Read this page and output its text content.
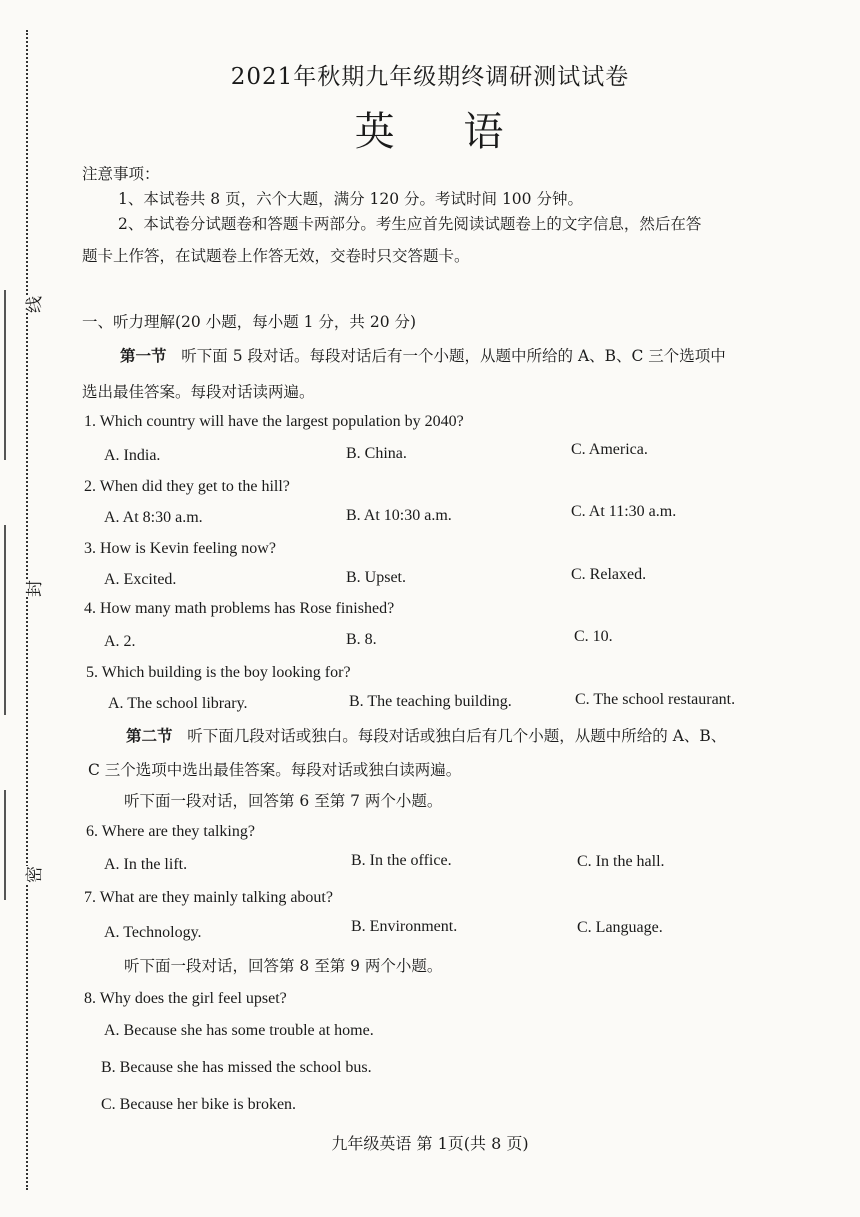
线
封
密
2021年秋期九年级期终调研测试试卷
英 语
注意事项：
1、本试卷共 8 页，六个大题，满分 120 分。考试时间 100 分钟。
2、本试卷分试题卷和答题卡两部分。考生应首先阅读试题卷上的文字信息，然后在答
题卡上作答，在试题卷上作答无效，交卷时只交答题卡。
一、听力理解(20 小题，每小题 1 分，共 20 分)
第一节 听下面 5 段对话。每段对话后有一个小题，从题中所给的 A、B、C 三个选项中
选出最佳答案。每段对话读两遍。
1. Which country will have the largest population by 2040?
A. India.	B. China.	C. America.
2. When did they get to the hill?
A. At 8:30 a.m.	B. At 10:30 a.m.	C. At 11:30 a.m.
3. How is Kevin feeling now?
A. Excited.	B. Upset.	C. Relaxed.
4. How many math problems has Rose finished?
A. 2.	B. 8.	C. 10.
5. Which building is the boy looking for?
A. The school library.	B. The teaching building.	C. The school restaurant.
第二节 听下面几段对话或独白。每段对话或独白后有几个小题，从题中所给的 A、B、
C 三个选项中选出最佳答案。每段对话或独白读两遍。
听下面一段对话，回答第 6 至第 7 两个小题。
6. Where are they talking?
A. In the lift.	B. In the office.	C. In the hall.
7. What are they mainly talking about?
A. Technology.	B. Environment.	C. Language.
听下面一段对话，回答第 8 至第 9 两个小题。
8. Why does the girl feel upset?
A. Because she has some trouble at home.
B. Because she has missed the school bus.
C. Because her bike is broken.
九年级英语 第 1页(共 8 页)
